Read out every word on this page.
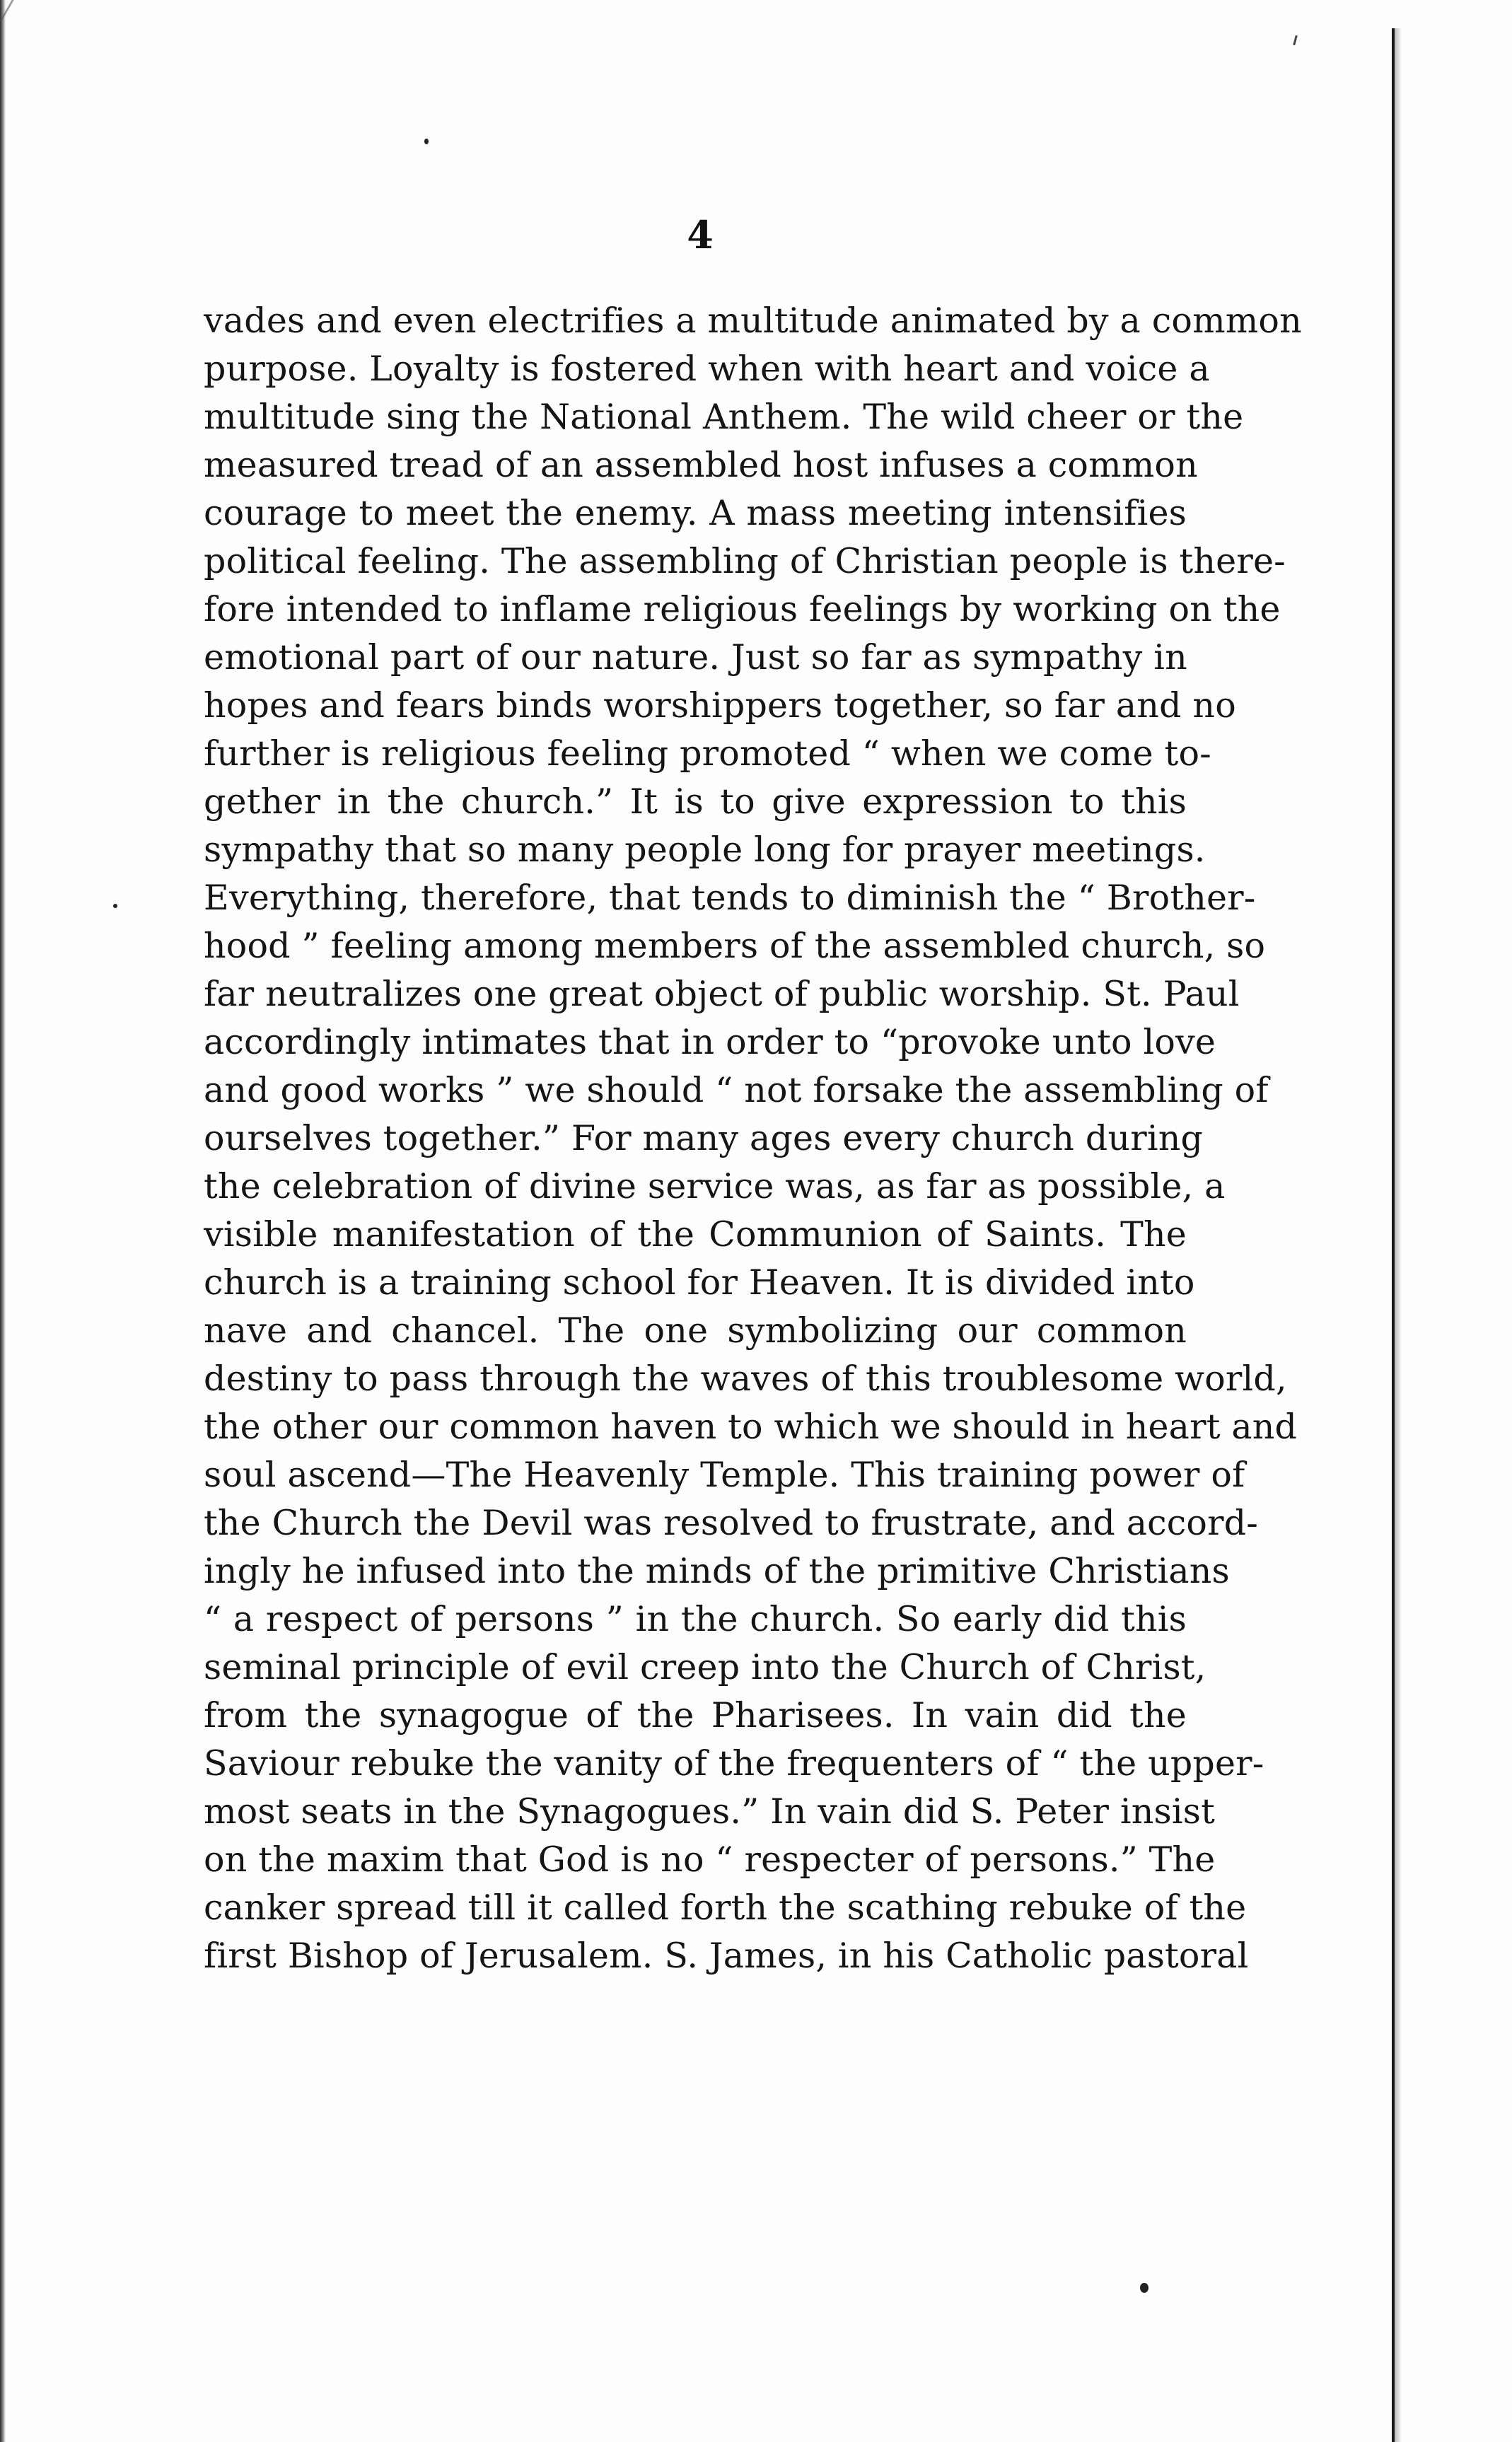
4
vades and even electrifies a multitude animated by a common
purpose. Loyalty is fostered when with heart and voice a
multitude sing the National Anthem. The wild cheer or the
measured tread of an assembled host infuses a common
courage to meet the enemy. A mass meeting intensifies
political feeling. The assembling of Christian people is there-
fore intended to inflame religious feelings by working on the
emotional part of our nature. Just so far as sympathy in
hopes and fears binds worshippers together, so far and no
further is religious feeling promoted “ when we come to-
gether in the church.” It is to give expression to this
sympathy that so many people long for prayer meetings.
Everything, therefore, that tends to diminish the “ Brother-
hood ” feeling among members of the assembled church, so
far neutralizes one great object of public worship. St. Paul
accordingly intimates that in order to “provoke unto love
and good works ” we should “ not forsake the assembling of
ourselves together.” For many ages every church during
the celebration of divine service was, as far as possible, a
visible manifestation of the Communion of Saints. The
church is a training school for Heaven. It is divided into
nave and chancel. The one symbolizing our common
destiny to pass through the waves of this troublesome world,
the other our common haven to which we should in heart and
soul ascend—The Heavenly Temple. This training power of
the Church the Devil was resolved to frustrate, and accord-
ingly he infused into the minds of the primitive Christians
“ a respect of persons ” in the church. So early did this
seminal principle of evil creep into the Church of Christ,
from the synagogue of the Pharisees. In vain did the
Saviour rebuke the vanity of the frequenters of “ the upper-
most seats in the Synagogues.” In vain did S. Peter insist
on the maxim that God is no “ respecter of persons.” The
canker spread till it called forth the scathing rebuke of the
first Bishop of Jerusalem. S. James, in his Catholic pastoral
